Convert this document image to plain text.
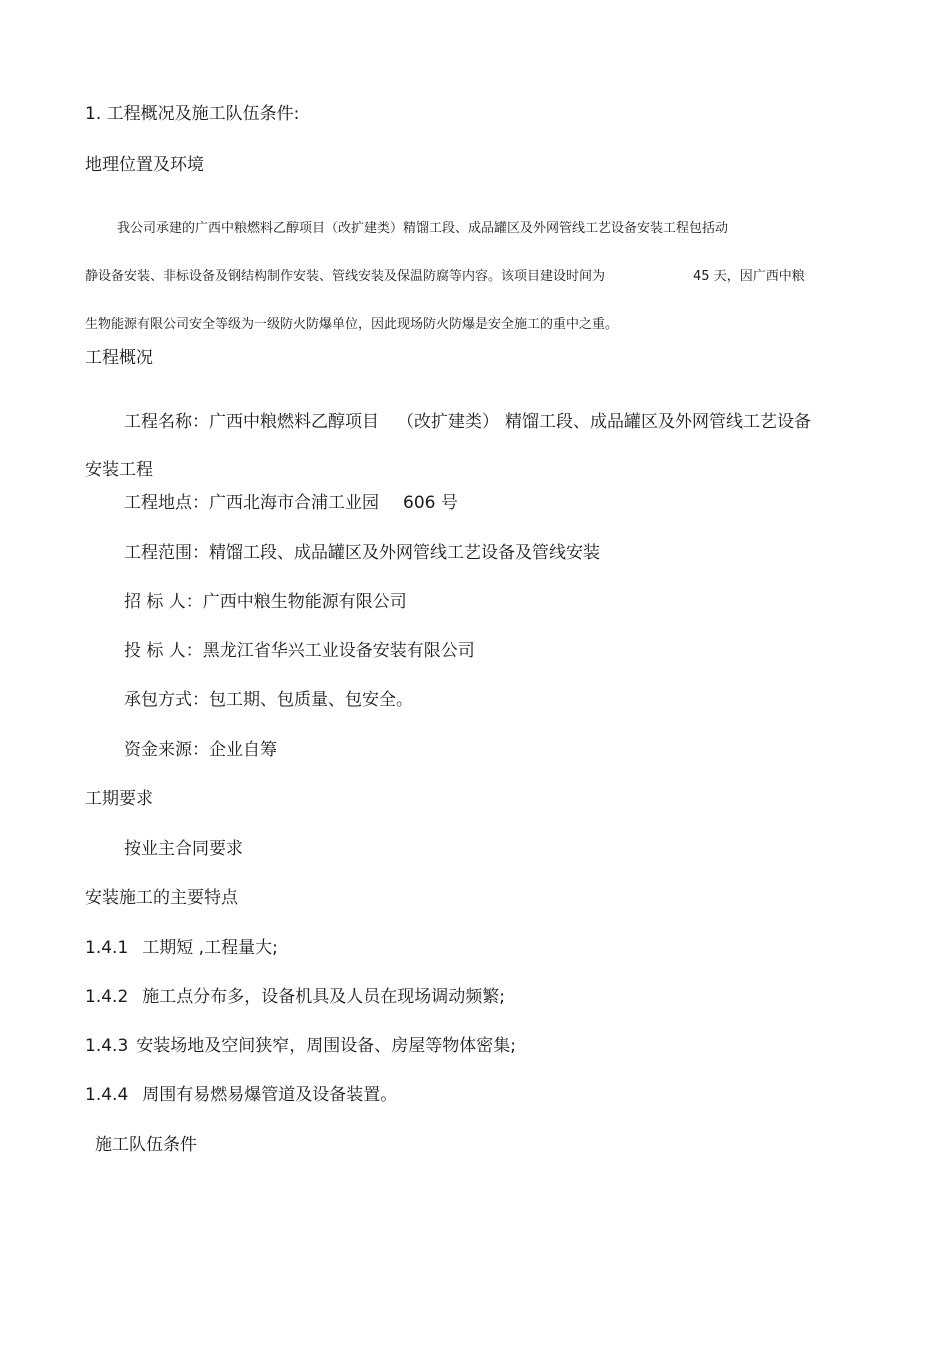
1. 工程概况及施工队伍条件:

地理位置及环境

我公司承建的广西中粮燃料乙醇项目（改扩建类）精馏工段、成品罐区及外网管线工艺设备安装工程包括动

静设备安装、非标设备及钢结构制作安装、管线安装及保温防腐等内容。该项目建设时间为	45 天，因广西中粮

生物能源有限公司安全等级为一级防火防爆单位，因此现场防火防爆是安全施工的重中之重。

工程概况

工程名称：广西中粮燃料乙醇项目 （改扩建类） 精馏工段、成品罐区及外网管线工艺设备

安装工程

工程地点：广西北海市合浦工业园 606 号

工程范围：精馏工段、成品罐区及外网管线工艺设备及管线安装

招 标 人：广西中粮生物能源有限公司

投 标 人：黑龙江省华兴工业设备安装有限公司

承包方式：包工期、包质量、包安全。

资金来源：企业自筹

工期要求

按业主合同要求

安装施工的主要特点

1.4.1 工期短 ,工程量大;

1.4.2 施工点分布多，设备机具及人员在现场调动频繁;

1.4.3 安装场地及空间狭窄，周围设备、房屋等物体密集;

1.4.4 周围有易燃易爆管道及设备装置。

施工队伍条件
